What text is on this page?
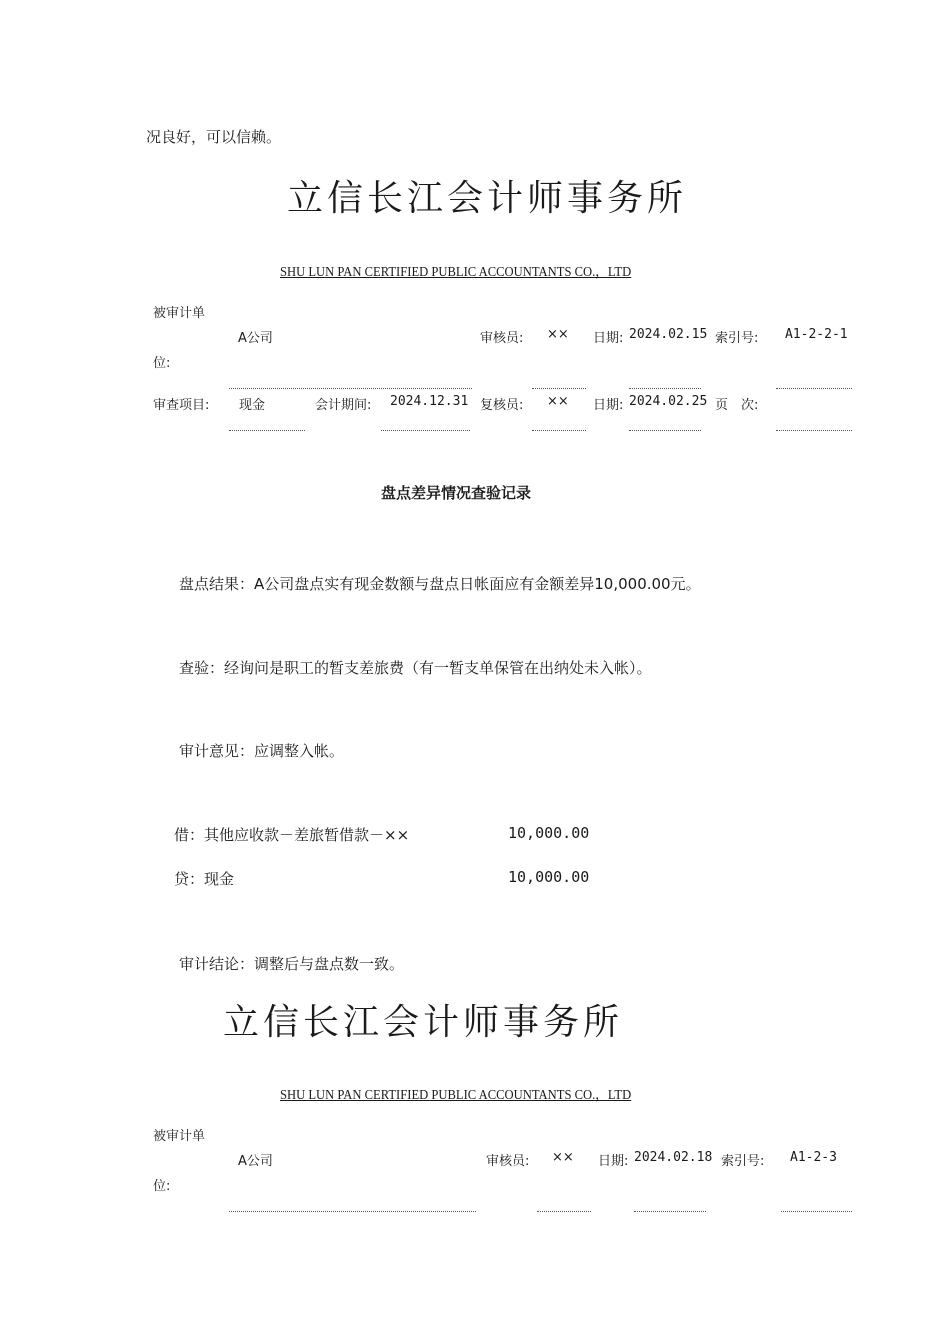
况良好，可以信赖。
立信长江会计师事务所
SHU LUN PAN CERTIFIED PUBLIC ACCOUNTANTS CO.，LTD
被审计单
位:
A公司	审核员: ×× 日期: 2024.02.15 索引号: A1-2-2-1
审查项目: 现金	会计期间: 2024.12.31 复核员: ×× 日期: 2024.02.25 页　次:
盘点差异情况查验记录
盘点结果：A公司盘点实有现金数额与盘点日帐面应有金额差异10,000.00元。
查验：经询问是职工的暂支差旅费（有一暂支单保管在出纳处未入帐）。
审计意见：应调整入帐。
借：其他应收款－差旅暂借款－××	10,000.00
贷：现金	10,000.00
审计结论：调整后与盘点数一致。
立信长江会计师事务所
SHU LUN PAN CERTIFIED PUBLIC ACCOUNTANTS CO.，LTD
被审计单
位:
A公司	审核员: ×× 日期: 2024.02.18 索引号: A1-2-3
